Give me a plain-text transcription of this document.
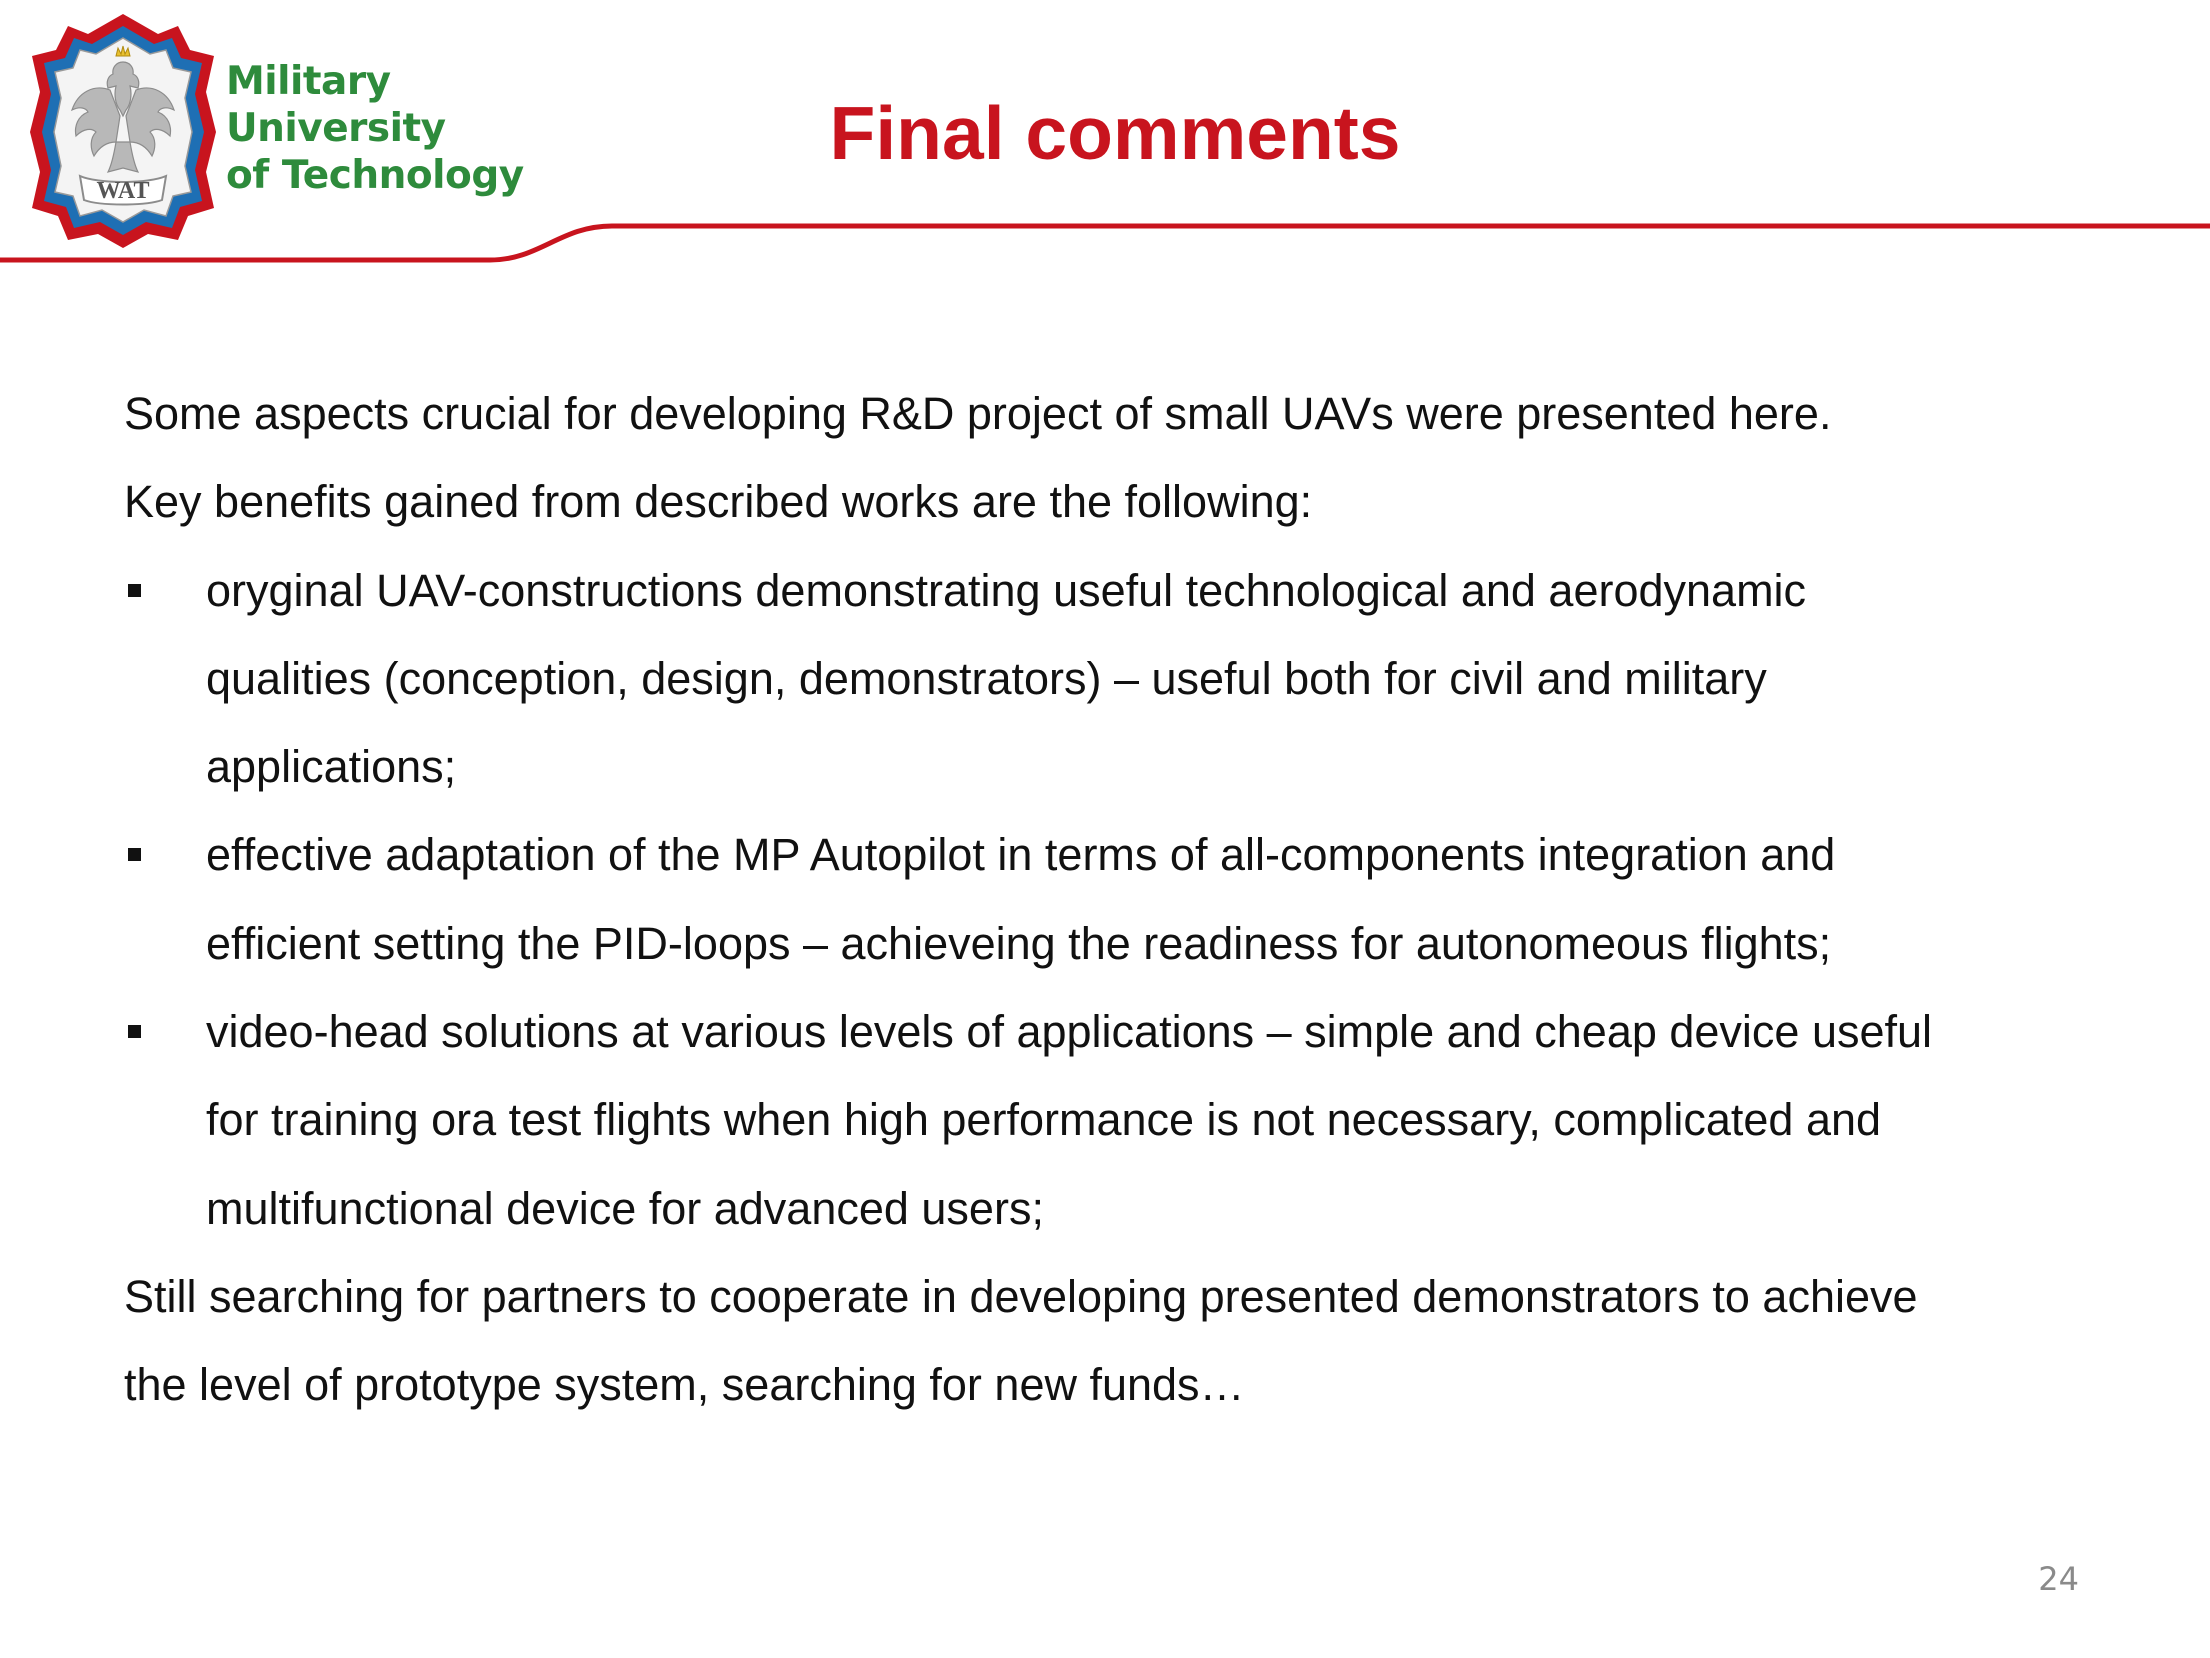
WAT
Military
University
of Technology
Final comments

Some aspects crucial for developing R&D project of small UAVs were presented here.

Key benefits gained from described works are the following:

oryginal UAV-constructions demonstrating useful technological and aerodynamic
qualities (conception, design, demonstrators) – useful both for civil and military
applications;
effective adaptation of the MP Autopilot in terms of all-components integration and
efficient setting the PID-loops – achieveing the readiness for autonomeous flights;
video-head solutions at various levels of applications – simple and cheap device useful
for training ora test flights when high performance is not necessary, complicated and
multifunctional device for advanced users;

Still searching for partners to cooperate in developing presented demonstrators to achieve

the level of prototype system, searching for new funds…

24
